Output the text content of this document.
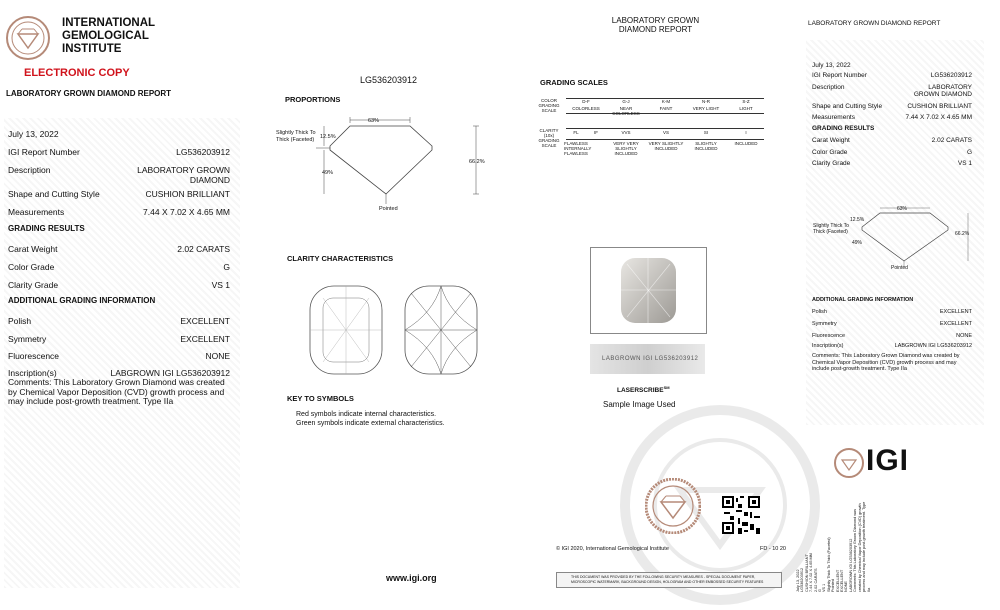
INTERNATIONAL
GEMOLOGICAL
INSTITUTE
ELECTRONIC COPY
LABORATORY GROWN DIAMOND REPORT
July 13, 2022
IGI Report Number	LG536203912
Description	LABORATORY GROWN DIAMOND
Shape and Cutting Style	CUSHION BRILLIANT
Measurements	7.44 X 7.02 X 4.65 MM
GRADING RESULTS
Carat Weight	2.02 CARATS
Color Grade	G
Clarity Grade	VS 1
ADDITIONAL GRADING INFORMATION
Polish	EXCELLENT
Symmetry	EXCELLENT
Fluorescence	NONE
Inscription(s)	LABGROWN IGI LG536203912
Comments: This Laboratory Grown Diamond was created by Chemical Vapor Deposition (CVD) growth process and may include post-growth treatment. Type IIa
LG536203912
PROPORTIONS
63%
12.5%
49%
66.2%
Slightly Thick To Thick (Faceted)
Pointed
LABORATORY GROWN
DIAMOND REPORT
GRADING SCALES
COLOR GRADING SCALE
D-F	G-J	K-M	N-R	S-Z
COLORLESS	NEAR COLORLESS
FAINT	VERY LIGHT	LIGHT
CLARITY (10x) GRADING SCALE
FL	IF	VVS	VS	SI	I
FLAWLESS
INTERNALLY FLAWLESS
VERY VERY SLIGHTLY INCLUDED
VERY SLIGHTLY INCLUDED
SLIGHTLY INCLUDED
INCLUDED
CLARITY CHARACTERISTICS
KEY TO SYMBOLS
Red symbols indicate internal characteristics.
Green symbols indicate external characteristics.
LABGROWN IGI LG536203912
LASERSCRIBE℠
Sample Image Used
© IGI 2020, International Gemological Institute	FD - 10 20
www.igi.org	THIS DOCUMENT WAS PROVIDED BY THE FOLLOWING SECURITY MEASURES - SPECIAL DOCUMENT PAPER, MICROSCOPIC WATERMARK, BACKGROUND DESIGN, HOLOGRAM AND OTHER EMBOSSED SECURITY FEATURES
LABORATORY GROWN DIAMOND REPORT
July 13, 2022
IGI Report Number	LG536203912
Description	LABORATORY GROWN DIAMOND
Shape and Cutting Style	CUSHION BRILLIANT
Measurements	7.44 X 7.02 X 4.65 MM
GRADING RESULTS
Carat Weight	2.02 CARATS
Color Grade	G
Clarity Grade	VS 1
63%
12.5%
49%
66.2%
Slightly Thick To Thick (Faceted)
Pointed
ADDITIONAL GRADING INFORMATION
Polish	EXCELLENT
Symmetry	EXCELLENT
Fluorescence	NONE
Inscription(s)	LABGROWN IGI LG536203912
Comments: This Laboratory Grown Diamond was created by Chemical Vapor Deposition (CVD) growth process and may include post-growth treatment. Type IIa
IGI
July 13, 2022 LG536203912 CUSHION BRILLIANT 7.44 X 7.02 X 4.65 MM 2.02 CARATS G VS 1 Slightly Thick To Thick (Faceted) Pointed EXCELLENT EXCELLENT NONE LABGROWN IGI LG536203912 Comments: This Laboratory Grown Diamond was created by Chemical Vapor Deposition (CVD) growth process and may include post-growth treatment. Type IIa
